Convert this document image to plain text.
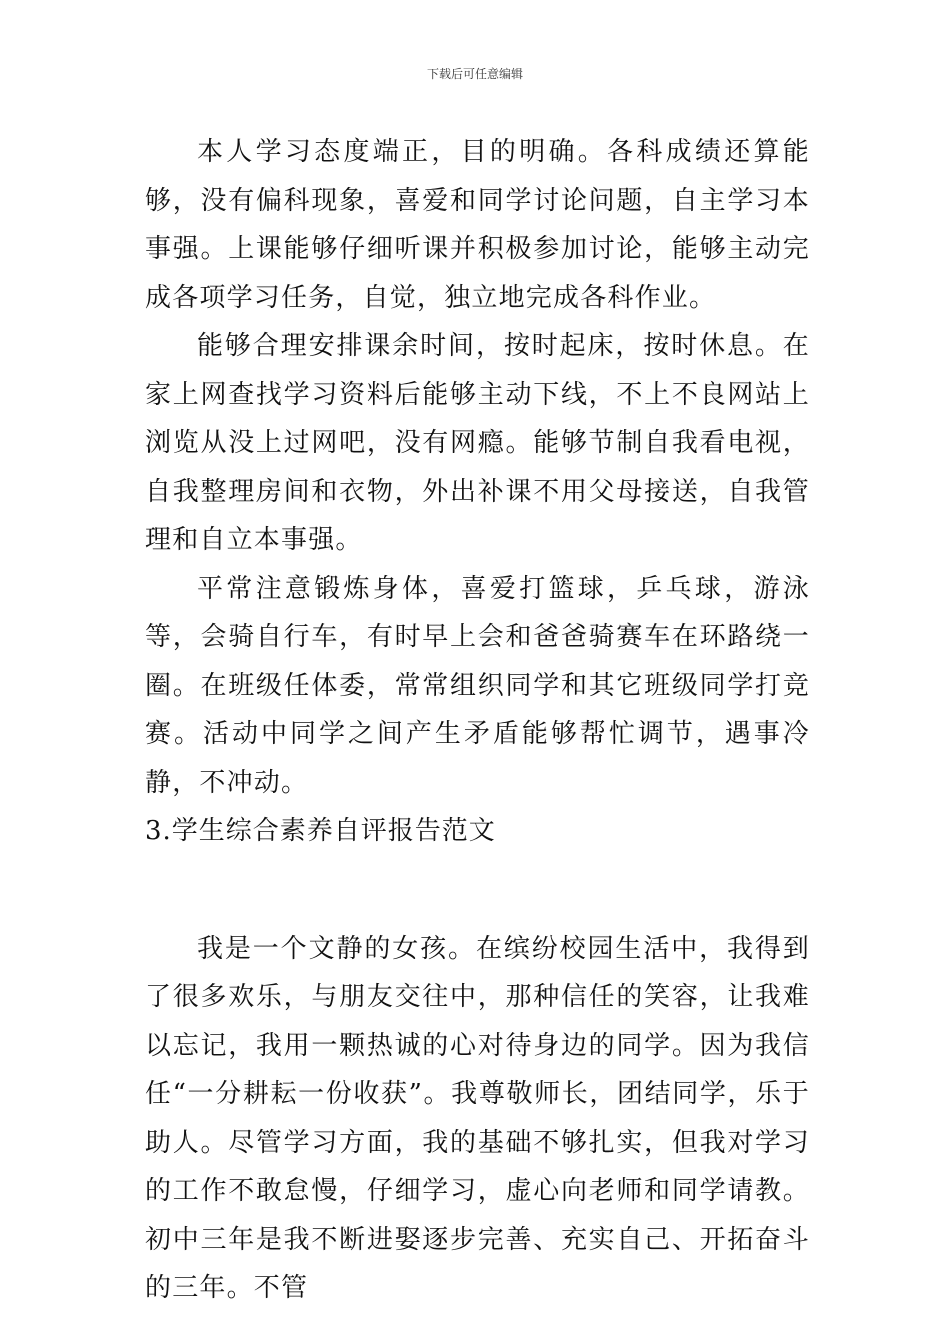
下载后可任意编辑

本人学习态度端正，目的明确。各科成绩还算能够，没有偏科现象，喜爱和同学讨论问题，自主学习本事强。上课能够仔细听课并积极参加讨论，能够主动完成各项学习任务，自觉，独立地完成各科作业。

能够合理安排课余时间，按时起床，按时休息。在家上网查找学习资料后能够主动下线，不上不良网站上浏览从没上过网吧，没有网瘾。能够节制自我看电视，自我整理房间和衣物，外出补课不用父母接送，自我管理和自立本事强。

平常注意锻炼身体，喜爱打篮球，乒乓球，游泳等，会骑自行车，有时早上会和爸爸骑赛车在环路绕一圈。在班级任体委，常常组织同学和其它班级同学打竞赛。活动中同学之间产生矛盾能够帮忙调节，遇事冷静，不冲动。

3.学生综合素养自评报告范文

我是一个文静的女孩。在缤纷校园生活中，我得到了很多欢乐，与朋友交往中，那种信任的笑容，让我难以忘记，我用一颗热诚的心对待身边的同学。因为我信任“一分耕耘一份收获”。我尊敬师长，团结同学，乐于助人。尽管学习方面，我的基础不够扎实，但我对学习的工作不敢怠慢，仔细学习，虚心向老师和同学请教。初中三年是我不断进娶逐步完善、充实自己、开拓奋斗的三年。不管
